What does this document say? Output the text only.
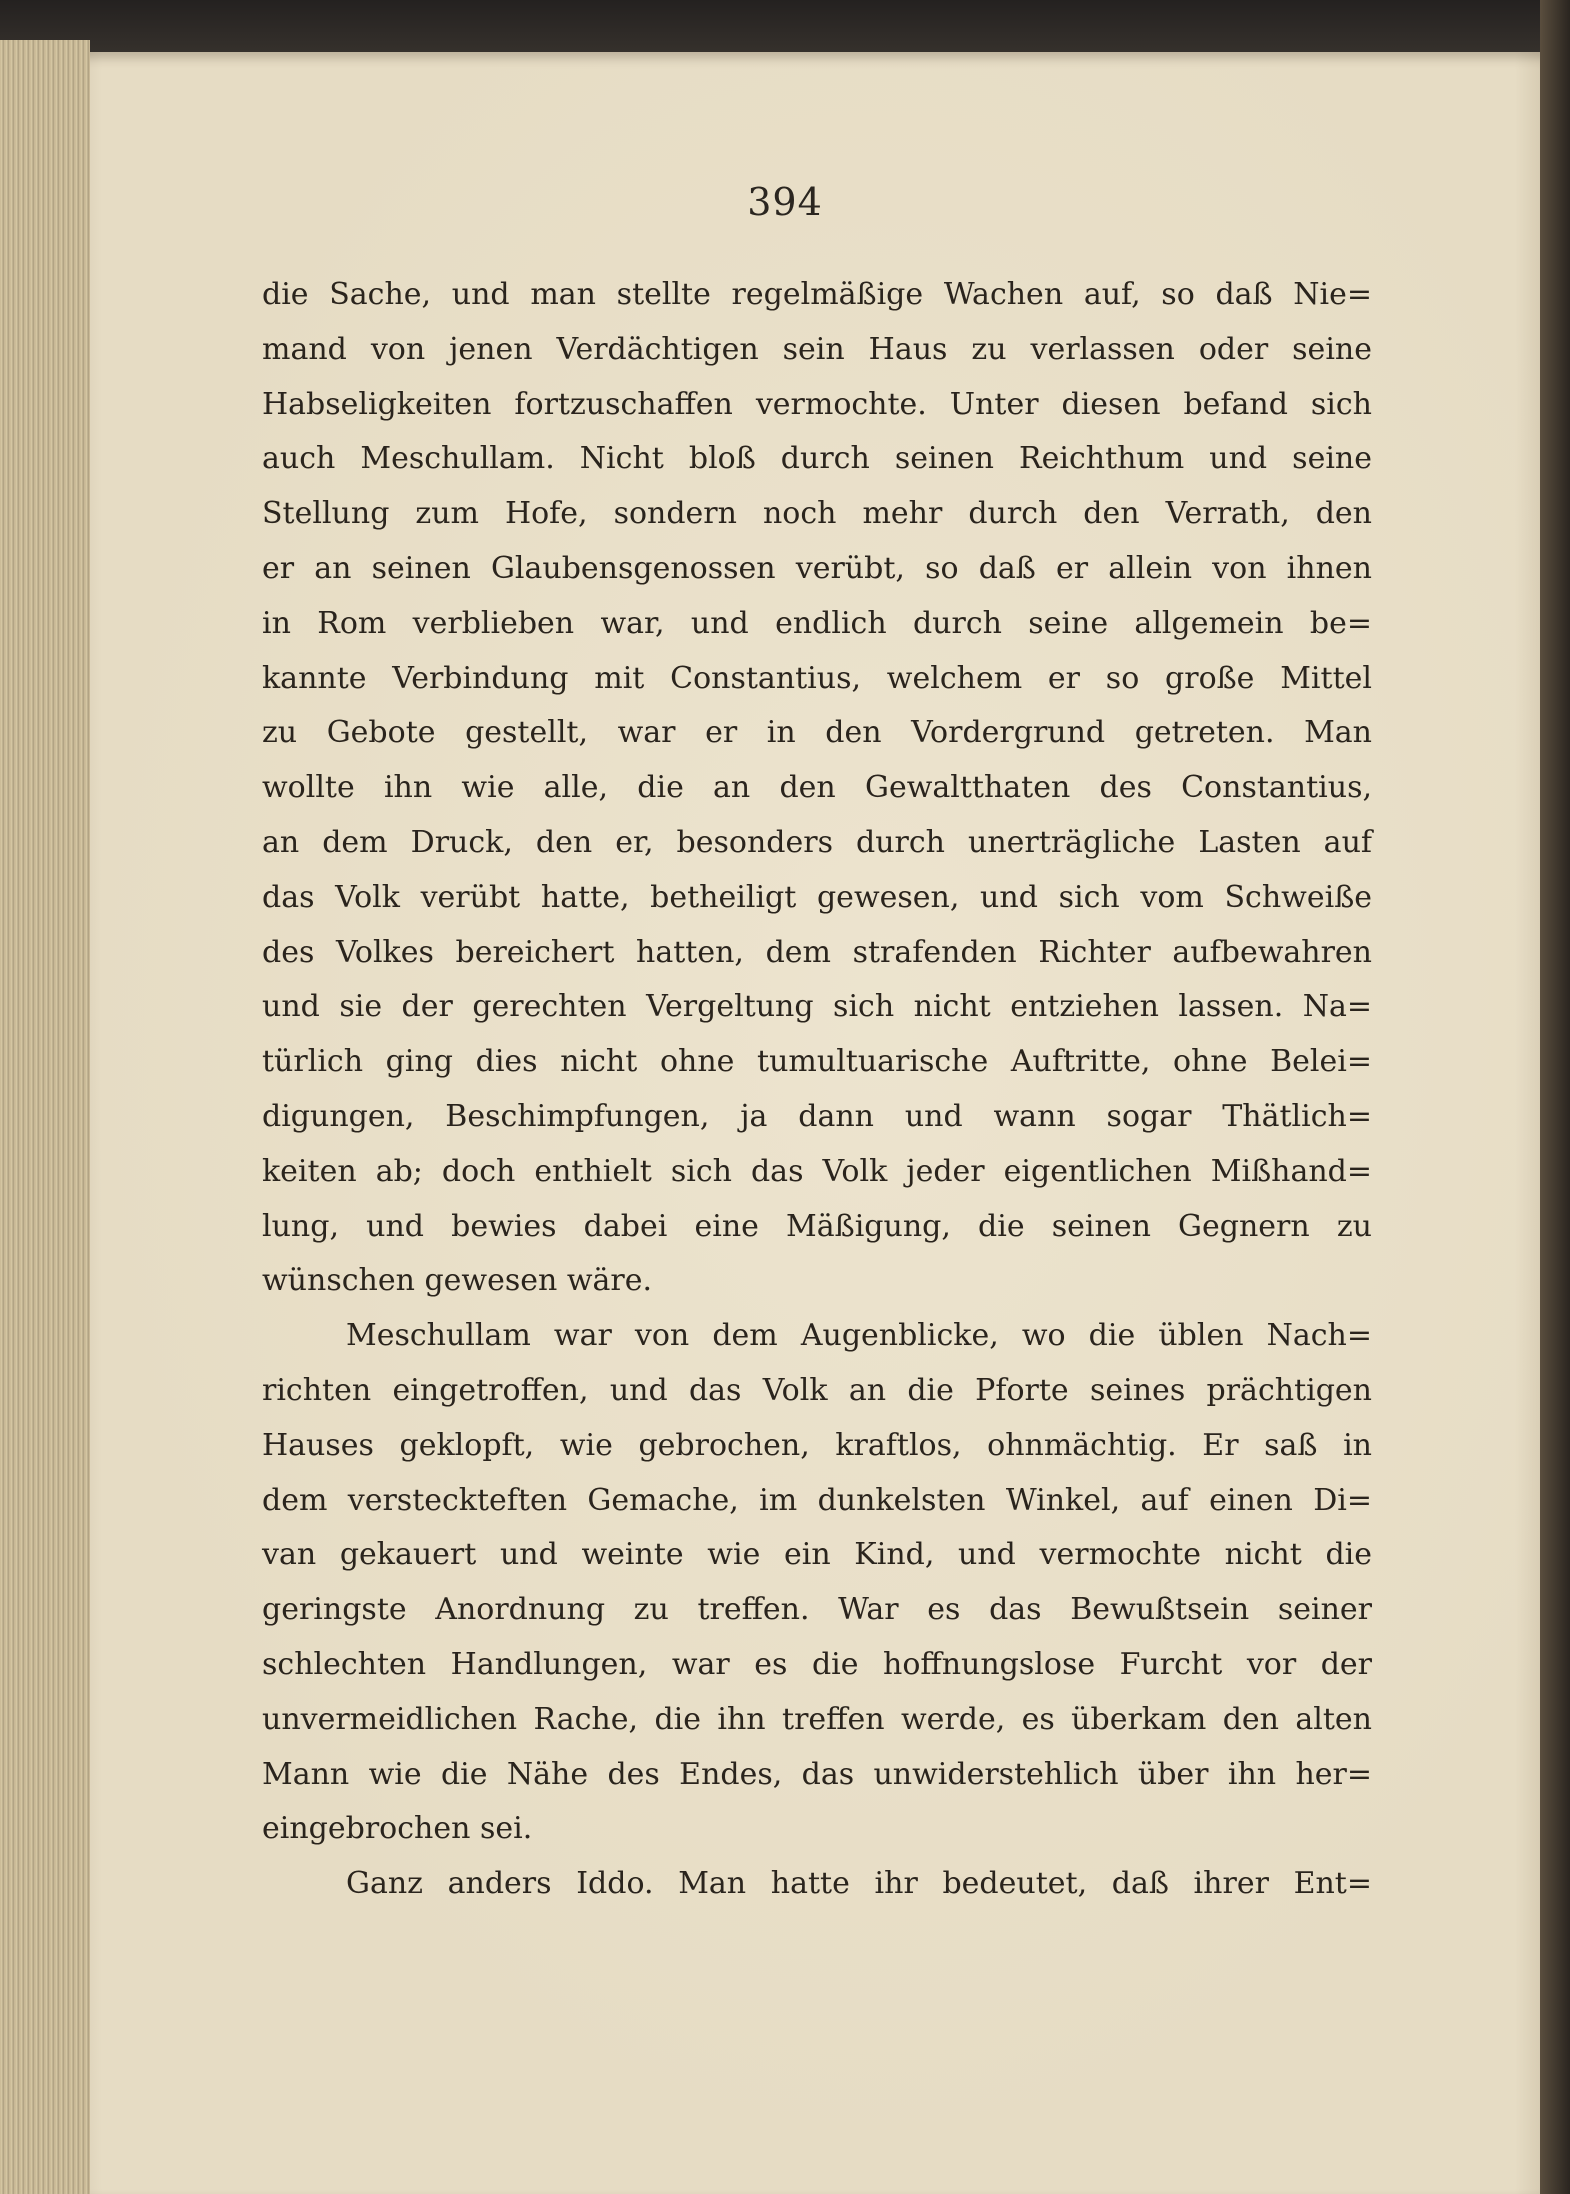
394
die Sache, und man stellte regelmäßige Wachen auf, so daß Nie=
mand von jenen Verdächtigen sein Haus zu verlassen oder seine
Habseligkeiten fortzuschaffen vermochte. Unter diesen befand sich
auch Meschullam. Nicht bloß durch seinen Reichthum und seine
Stellung zum Hofe, sondern noch mehr durch den Verrath, den
er an seinen Glaubensgenossen verübt, so daß er allein von ihnen
in Rom verblieben war, und endlich durch seine allgemein be=
kannte Verbindung mit Constantius, welchem er so große Mittel
zu Gebote gestellt, war er in den Vordergrund getreten. Man
wollte ihn wie alle, die an den Gewaltthaten des Constantius,
an dem Druck, den er, besonders durch unerträgliche Lasten auf
das Volk verübt hatte, betheiligt gewesen, und sich vom Schweiße
des Volkes bereichert hatten, dem strafenden Richter aufbewahren
und sie der gerechten Vergeltung sich nicht entziehen lassen. Na=
türlich ging dies nicht ohne tumultuarische Auftritte, ohne Belei=
digungen, Beschimpfungen, ja dann und wann sogar Thätlich=
keiten ab; doch enthielt sich das Volk jeder eigentlichen Mißhand=
lung, und bewies dabei eine Mäßigung, die seinen Gegnern zu
wünschen gewesen wäre.
Meschullam war von dem Augenblicke, wo die üblen Nach=
richten eingetroffen, und das Volk an die Pforte seines prächtigen
Hauses geklopft, wie gebrochen, kraftlos, ohnmächtig. Er saß in
dem versteckteften Gemache, im dunkelsten Winkel, auf einen Di=
van gekauert und weinte wie ein Kind, und vermochte nicht die
geringste Anordnung zu treffen. War es das Bewußtsein seiner
schlechten Handlungen, war es die hoffnungslose Furcht vor der
unvermeidlichen Rache, die ihn treffen werde, es überkam den alten
Mann wie die Nähe des Endes, das unwiderstehlich über ihn her=
eingebrochen sei.
Ganz anders Iddo. Man hatte ihr bedeutet, daß ihrer Ent=
